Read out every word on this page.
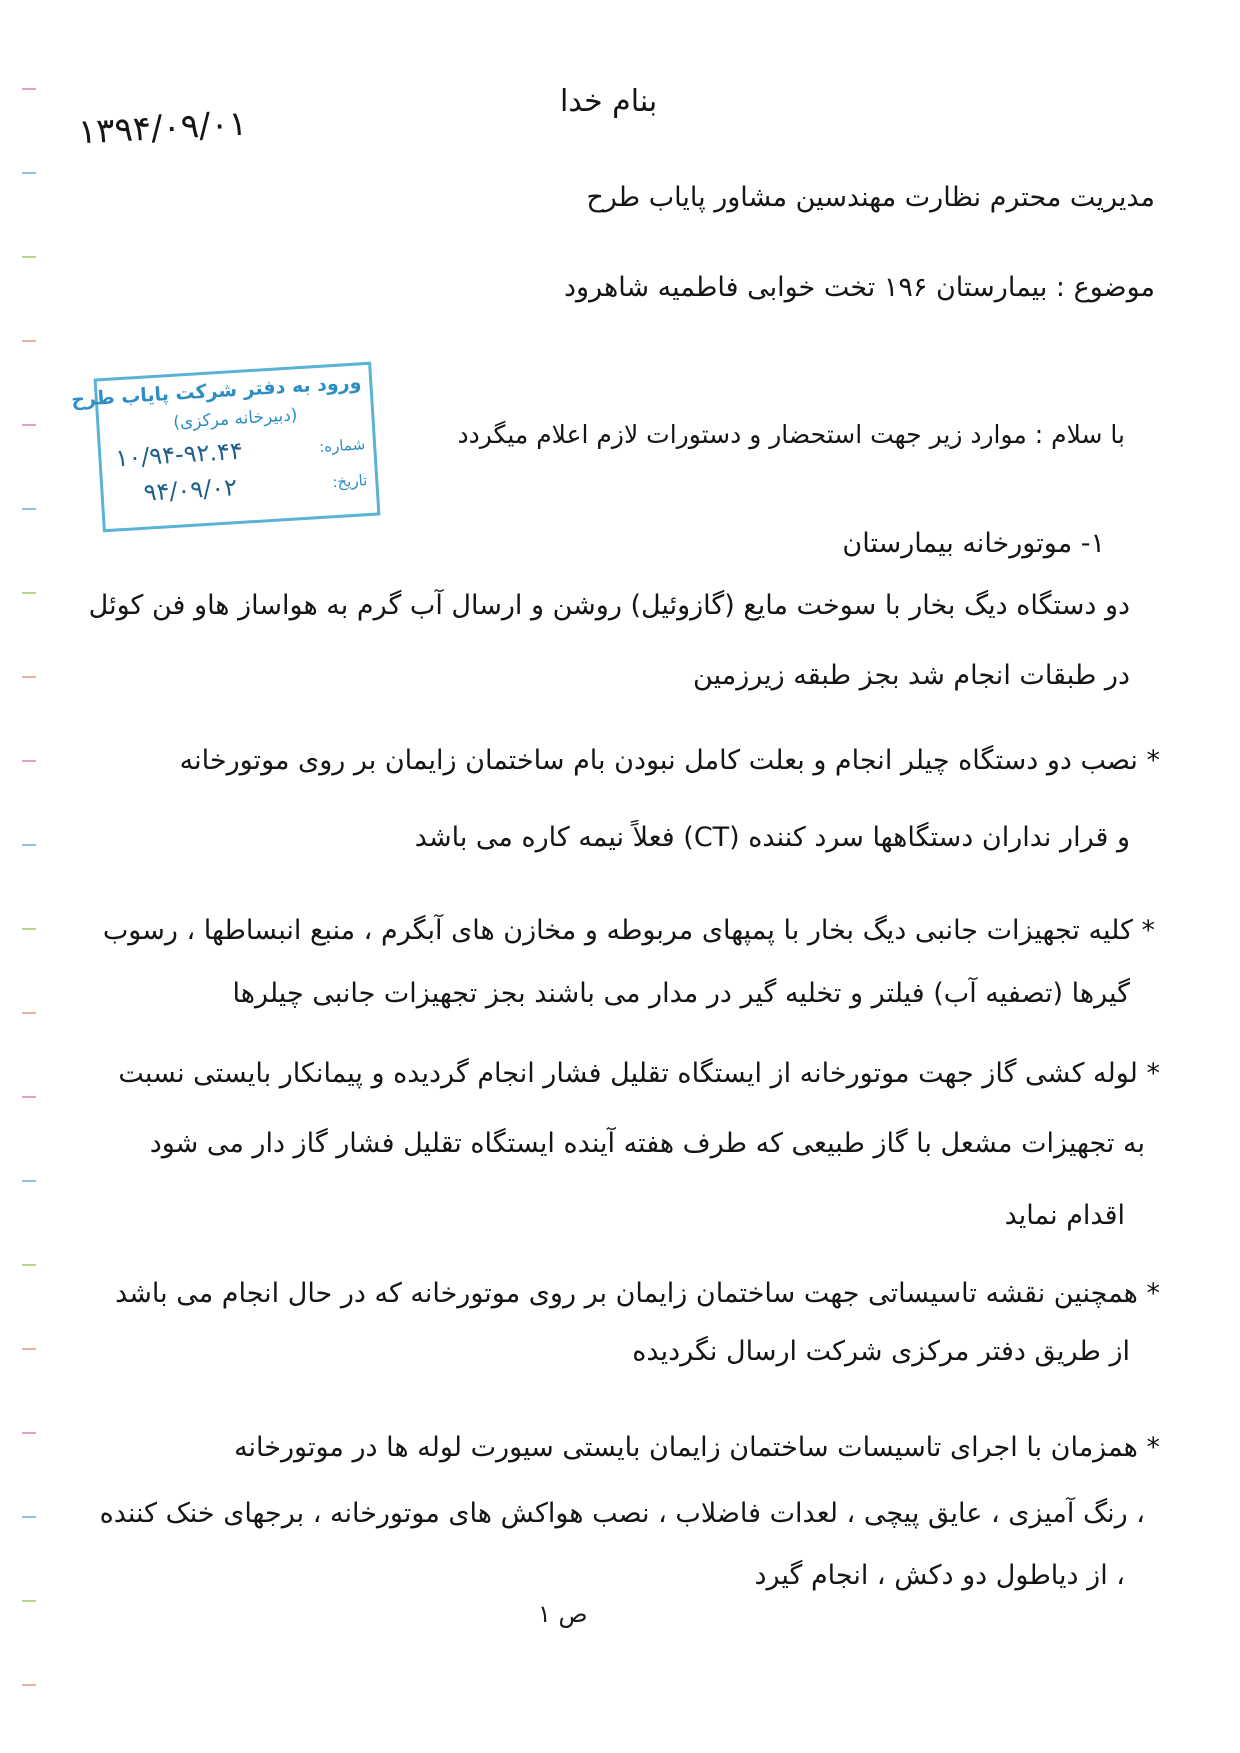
بنام خدا
۱۳۹۴/۰۹/۰۱
مدیریت محترم نظارت مهندسین مشاور پایاب طرح
موضوع : بیمارستان ۱۹۶ تخت خوابی فاطمیه شاهرود
با سلام : موارد زیر جهت استحضار و دستورات لازم اعلام میگردد
ورود به دفتر شرکت پایاب طرح
(دبیرخانه مرکزی)
شماره:
۱۰/۹۴-۹۲.۴۴
تاریخ:
۹۴/۰۹/۰۲
۱- موتورخانه بیمارستان
دو دستگاه دیگ بخار با سوخت مایع (گازوئیل) روشن و ارسال آب گرم به هواساز هاو فن کوئل
در طبقات انجام شد بجز طبقه زیرزمین
* نصب دو دستگاه چیلر انجام و بعلت کامل نبودن بام ساختمان زایمان بر روی موتورخانه
و قرار نداران دستگاهها سرد کننده (CT) فعلاً نیمه کاره می باشد
* کلیه تجهیزات جانبی دیگ بخار با پمپهای مربوطه و مخازن های آبگرم ، منبع انبساطها ، رسوب
گیرها (تصفیه آب) فیلتر و تخلیه گیر در مدار می باشند بجز تجهیزات جانبی چیلرها
* لوله کشی گاز جهت موتورخانه از ایستگاه تقلیل فشار انجام گردیده و پیمانکار بایستی نسبت
به تجهیزات مشعل با گاز طبیعی که طرف هفته آینده ایستگاه تقلیل فشار گاز دار می شود
اقدام نماید
* همچنین نقشه تاسیساتی جهت ساختمان زایمان بر روی موتورخانه که در حال انجام می باشد
از طریق دفتر مرکزی شرکت ارسال نگردیده
* همزمان با اجرای تاسیسات ساختمان زایمان بایستی سیورت لوله ها در موتورخانه
، رنگ آمیزی ، عایق پیچی ، لعدات فاضلاب ، نصب هواکش های موتورخانه ، برجهای خنک کننده
، از دیاطول دو دکش ، انجام گیرد
ص ۱
